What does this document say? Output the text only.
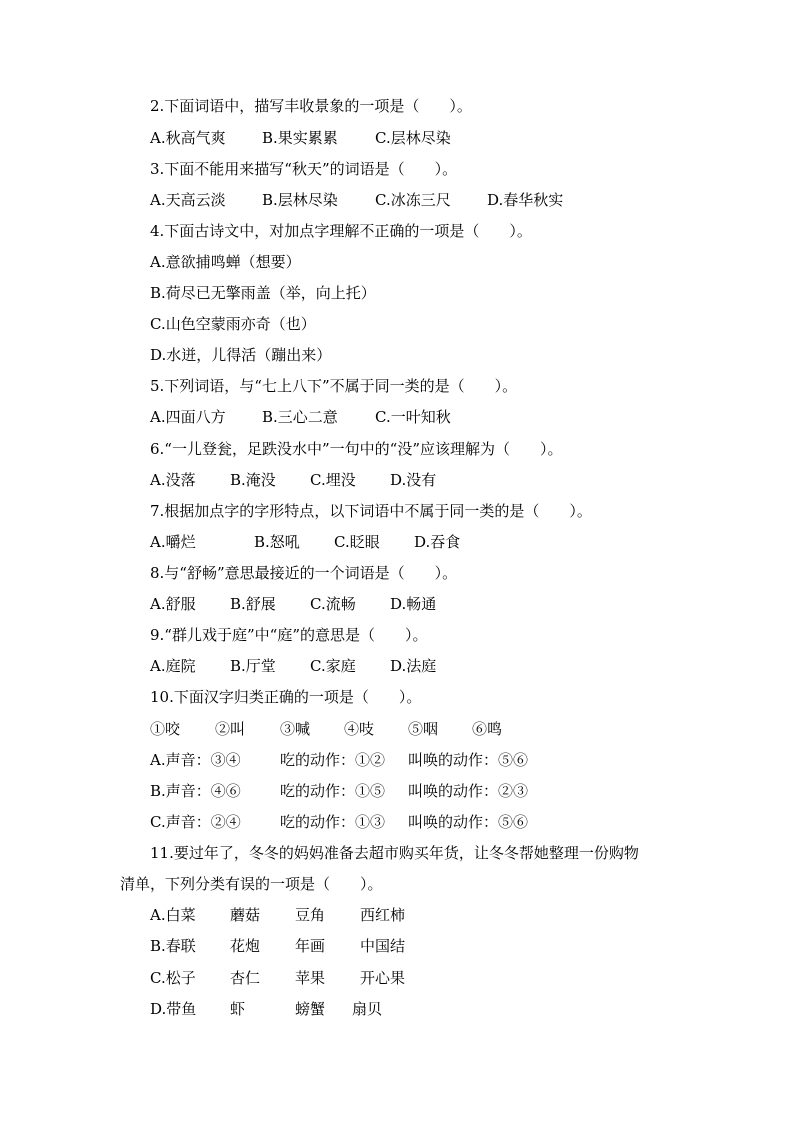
2.下面词语中，描写丰收景象的一项是（　　）。
A.秋高气爽 B.果实累累 C.层林尽染
3.下面不能用来描写“秋天”的词语是（　　）。
A.天高云淡 B.层林尽染 C.冰冻三尺 D.春华秋实
4.下面古诗文中，对加点字理解不正确的一项是（　　）。
A.意欲捕鸣蝉（想要）
B.荷尽已无擎雨盖（举，向上托）
C.山色空蒙雨亦奇（也）
D.水迸，儿得活（蹦出来）
5.下列词语，与“七上八下”不属于同一类的是（　　）。
A.四面八方 B.三心二意 C.一叶知秋
6.“一儿登瓮，足跌没水中”一句中的“没”应该理解为（　　）。
A.没落 B.淹没 C.埋没 D.没有
7.根据加点字的字形特点，以下词语中不属于同一类的是（　　）。
A.嚼烂	B.怒吼 C.眨眼 D.吞食
8.与“舒畅”意思最接近的一个词语是（　　）。
A.舒服 B.舒展 C.流畅 D.畅通
9.“群儿戏于庭”中“庭”的意思是（　　）。
A.庭院 B.厅堂 C.家庭 D.法庭
10.下面汉字归类正确的一项是（　　）。
①咬 ②叫 ③喊 ④吱 ⑤咽 ⑥鸣
A.声音：③④	吃的动作：①② 叫唤的动作：⑤⑥
B.声音：④⑥	吃的动作：①⑤ 叫唤的动作：②③
C.声音：②④	吃的动作：①③ 叫唤的动作：⑤⑥
11.要过年了，冬冬的妈妈准备去超市购买年货，让冬冬帮她整理一份购物
清单，下列分类有误的一项是（　　）。
A.白菜 蘑菇 豆角 西红柿
B.春联 花炮 年画 中国结
C.松子 杏仁 苹果 开心果
D.带鱼 虾	螃蟹 扇贝
